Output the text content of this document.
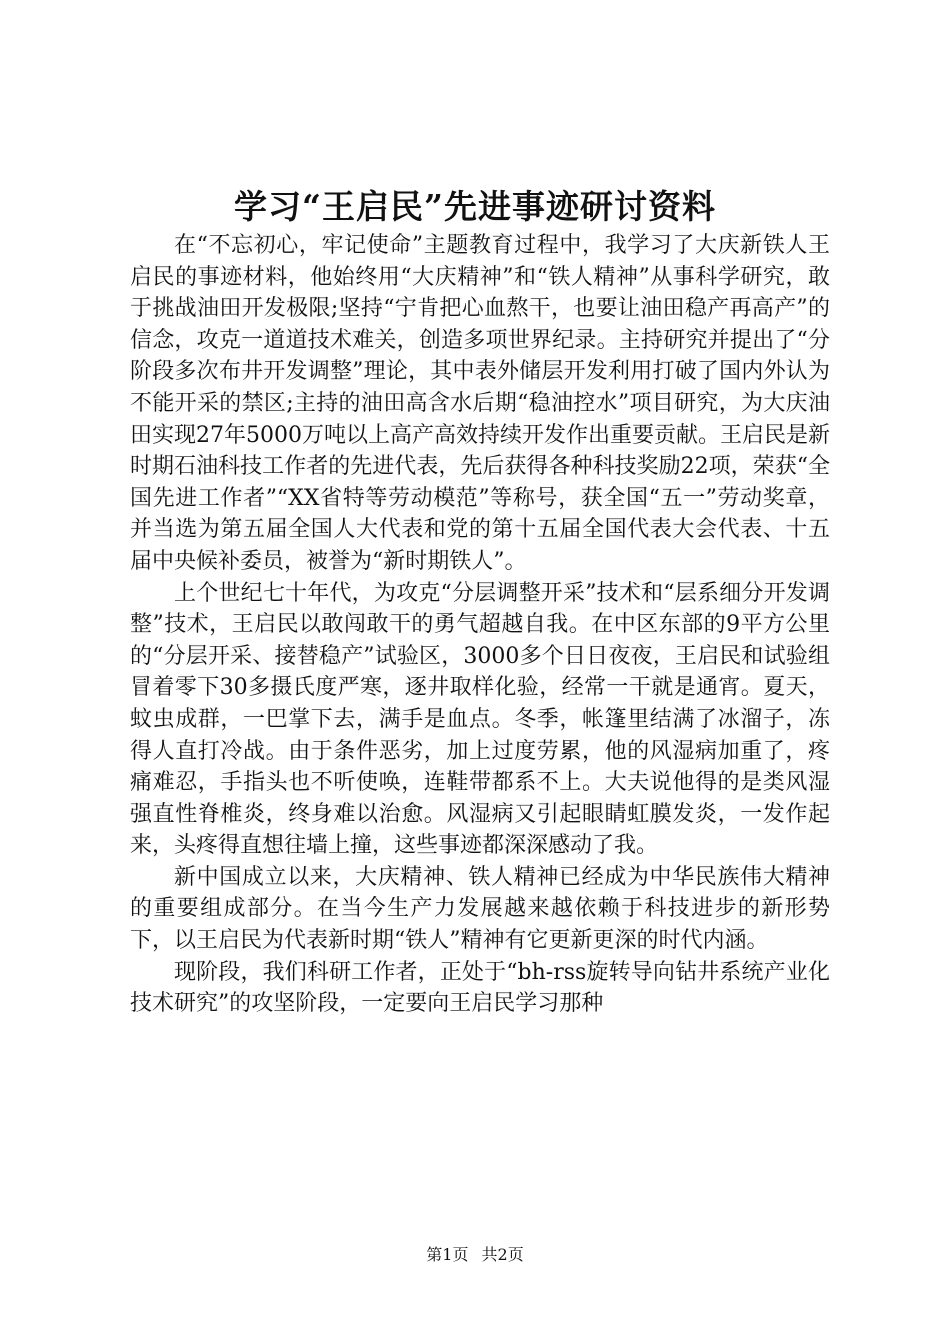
学习“王启民”先进事迹研讨资料

在“不忘初心，牢记使命”主题教育过程中，我学习了大庆新铁人王启民的事迹材料，他始终用“大庆精神”和“铁人精神”从事科学研究，敢于挑战油田开发极限;坚持“宁肯把心血熬干，也要让油田稳产再高产”的信念，攻克一道道技术难关，创造多项世界纪录。主持研究并提出了“分阶段多次布井开发调整”理论，其中表外储层开发利用打破了国内外认为不能开采的禁区;主持的油田高含水后期“稳油控水”项目研究，为大庆油田实现27年5000万吨以上高产高效持续开发作出重要贡献。王启民是新时期石油科技工作者的先进代表，先后获得各种科技奖励22项，荣获“全国先进工作者”“XX省特等劳动模范”等称号，获全国“五一”劳动奖章，并当选为第五届全国人大代表和党的第十五届全国代表大会代表、十五届中央候补委员，被誉为“新时期铁人”。

上个世纪七十年代，为攻克“分层调整开采”技术和“层系细分开发调整”技术，王启民以敢闯敢干的勇气超越自我。在中区东部的9平方公里的“分层开采、接替稳产”试验区，3000多个日日夜夜，王启民和试验组冒着零下30多摄氏度严寒，逐井取样化验，经常一干就是通宵。夏天，蚊虫成群，一巴掌下去，满手是血点。冬季，帐篷里结满了冰溜子，冻得人直打冷战。由于条件恶劣，加上过度劳累，他的风湿病加重了，疼痛难忍，手指头也不听使唤，连鞋带都系不上。大夫说他得的是类风湿强直性脊椎炎，终身难以治愈。风湿病又引起眼睛虹膜发炎，一发作起来，头疼得直想往墙上撞，这些事迹都深深感动了我。

新中国成立以来，大庆精神、铁人精神已经成为中华民族伟大精神的重要组成部分。在当今生产力发展越来越依赖于科技进步的新形势下，以王启民为代表新时期“铁人”精神有它更新更深的时代内涵。

现阶段，我们科研工作者，正处于“bh-rss旋转导向钻井系统产业化技术研究”的攻坚阶段，一定要向王启民学习那种

第1页 共2页
